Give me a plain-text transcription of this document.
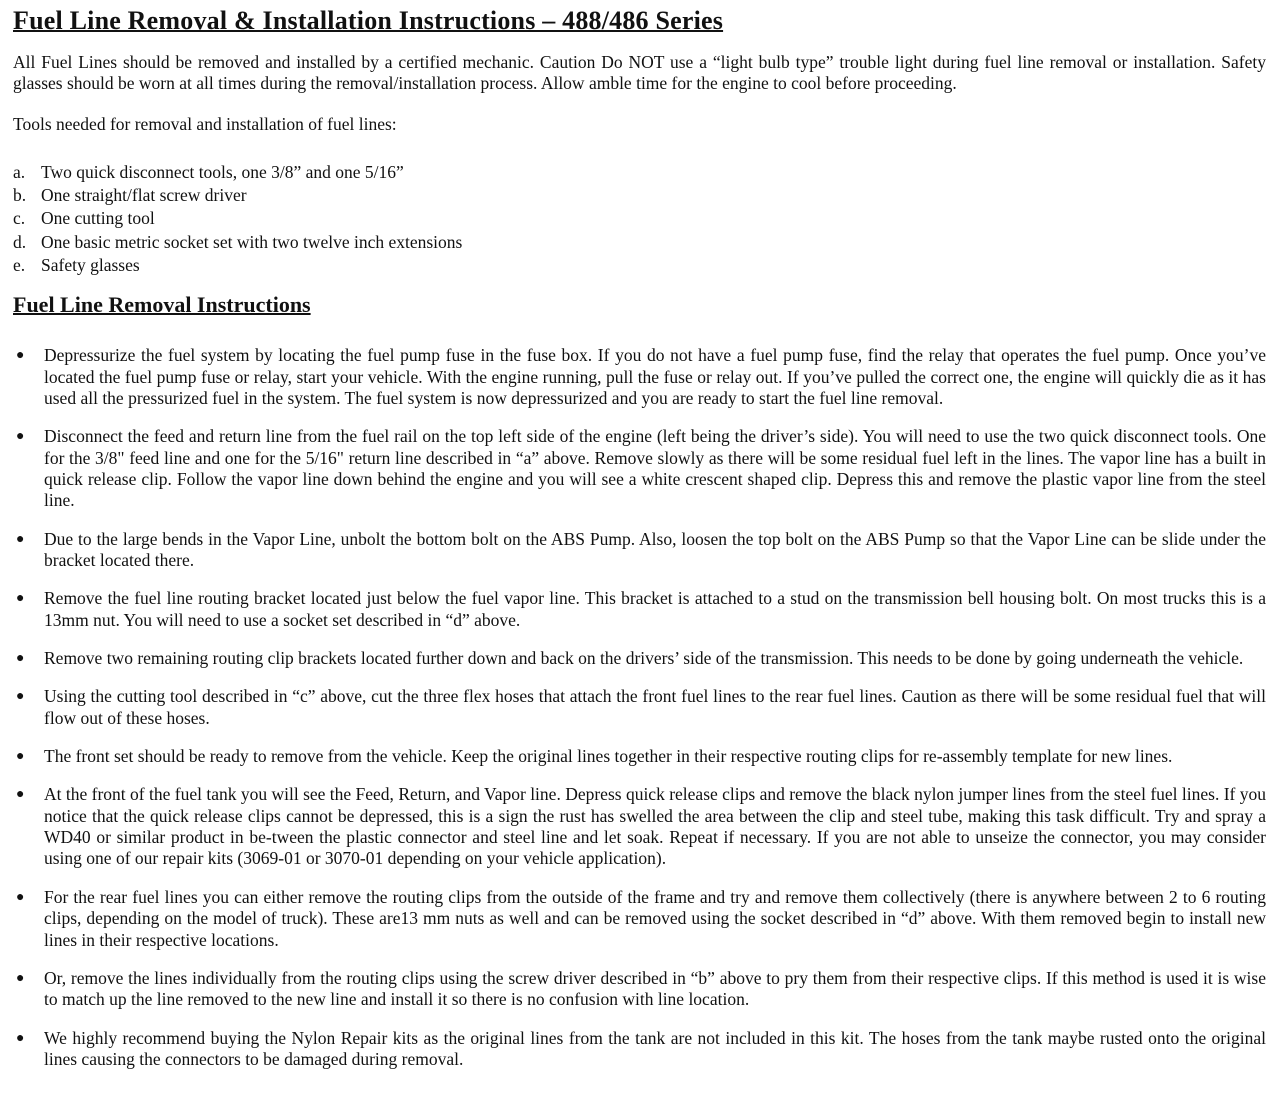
Fuel Line Removal & Installation Instructions – 488/486 Series

All Fuel Lines should be removed and installed by a certified mechanic. Caution Do NOT use a “light bulb type” trouble light during fuel line removal or installation. Safety glasses should be worn at all times during the removal/installation process. Allow amble time for the engine to cool before proceeding.

Tools needed for removal and installation of fuel lines:

a. Two quick disconnect tools, one 3/8” and one 5/16”
b. One straight/flat screw driver
c. One cutting tool
d. One basic metric socket set with two twelve inch extensions
e. Safety glasses
Fuel Line Removal Instructions
●	Depressurize the fuel system by locating the fuel pump fuse in the fuse box. If you do not have a fuel pump fuse, find the relay that operates the fuel pump. Once you’ve located the fuel pump fuse or relay, start your vehicle. With the engine running, pull the fuse or relay out. If you’ve pulled the correct one, the engine will quickly die as it has used all the pressurized fuel in the system. The fuel system is now depressurized and you are ready to start the fuel line removal.
●	Disconnect the feed and return line from the fuel rail on the top left side of the engine (left being the driver’s side). You will need to use the two quick disconnect tools. One for the 3/8" feed line and one for the 5/16" return line described in “a” above. Remove slowly as there will be some residual fuel left in the lines. The vapor line has a built in quick release clip. Follow the vapor line down behind the engine and you will see a white crescent shaped clip. Depress this and remove the plastic vapor line from the steel line.
●	Due to the large bends in the Vapor Line, unbolt the bottom bolt on the ABS Pump. Also, loosen the top bolt on the ABS Pump so that the Vapor Line can be slide under the bracket located there.
●	Remove the fuel line routing bracket located just below the fuel vapor line. This bracket is attached to a stud on the transmission bell housing bolt. On most trucks this is a 13mm nut. You will need to use a socket set described in “d” above.
●	Remove two remaining routing clip brackets located further down and back on the drivers’ side of the transmission. This needs to be done by going underneath the vehicle.
●	Using the cutting tool described in “c” above, cut the three flex hoses that attach the front fuel lines to the rear fuel lines. Caution as there will be some residual fuel that will flow out of these hoses.
●	The front set should be ready to remove from the vehicle. Keep the original lines together in their respective routing clips for re-assembly template for new lines.
●	At the front of the fuel tank you will see the Feed, Return, and Vapor line. Depress quick release clips and remove the black nylon jumper lines from the steel fuel lines. If you notice that the quick release clips cannot be depressed, this is a sign the rust has swelled the area between the clip and steel tube, making this task difficult. Try and spray a WD40 or similar product in be-tween the plastic connector and steel line and let soak. Repeat if necessary. If you are not able to unseize the connector, you may consider using one of our repair kits (3069-01 or 3070-01 depending on your vehicle application).
●	For the rear fuel lines you can either remove the routing clips from the outside of the frame and try and remove them collectively (there is anywhere between 2 to 6 routing clips, depending on the model of truck). These are13 mm nuts as well and can be removed using the socket described in “d” above. With them removed begin to install new lines in their respective locations.
●	Or, remove the lines individually from the routing clips using the screw driver described in “b” above to pry them from their respective clips. If this method is used it is wise to match up the line removed to the new line and install it so there is no confusion with line location.
●	We highly recommend buying the Nylon Repair kits as the original lines from the tank are not included in this kit. The hoses from the tank maybe rusted onto the original lines causing the connectors to be damaged during removal.
